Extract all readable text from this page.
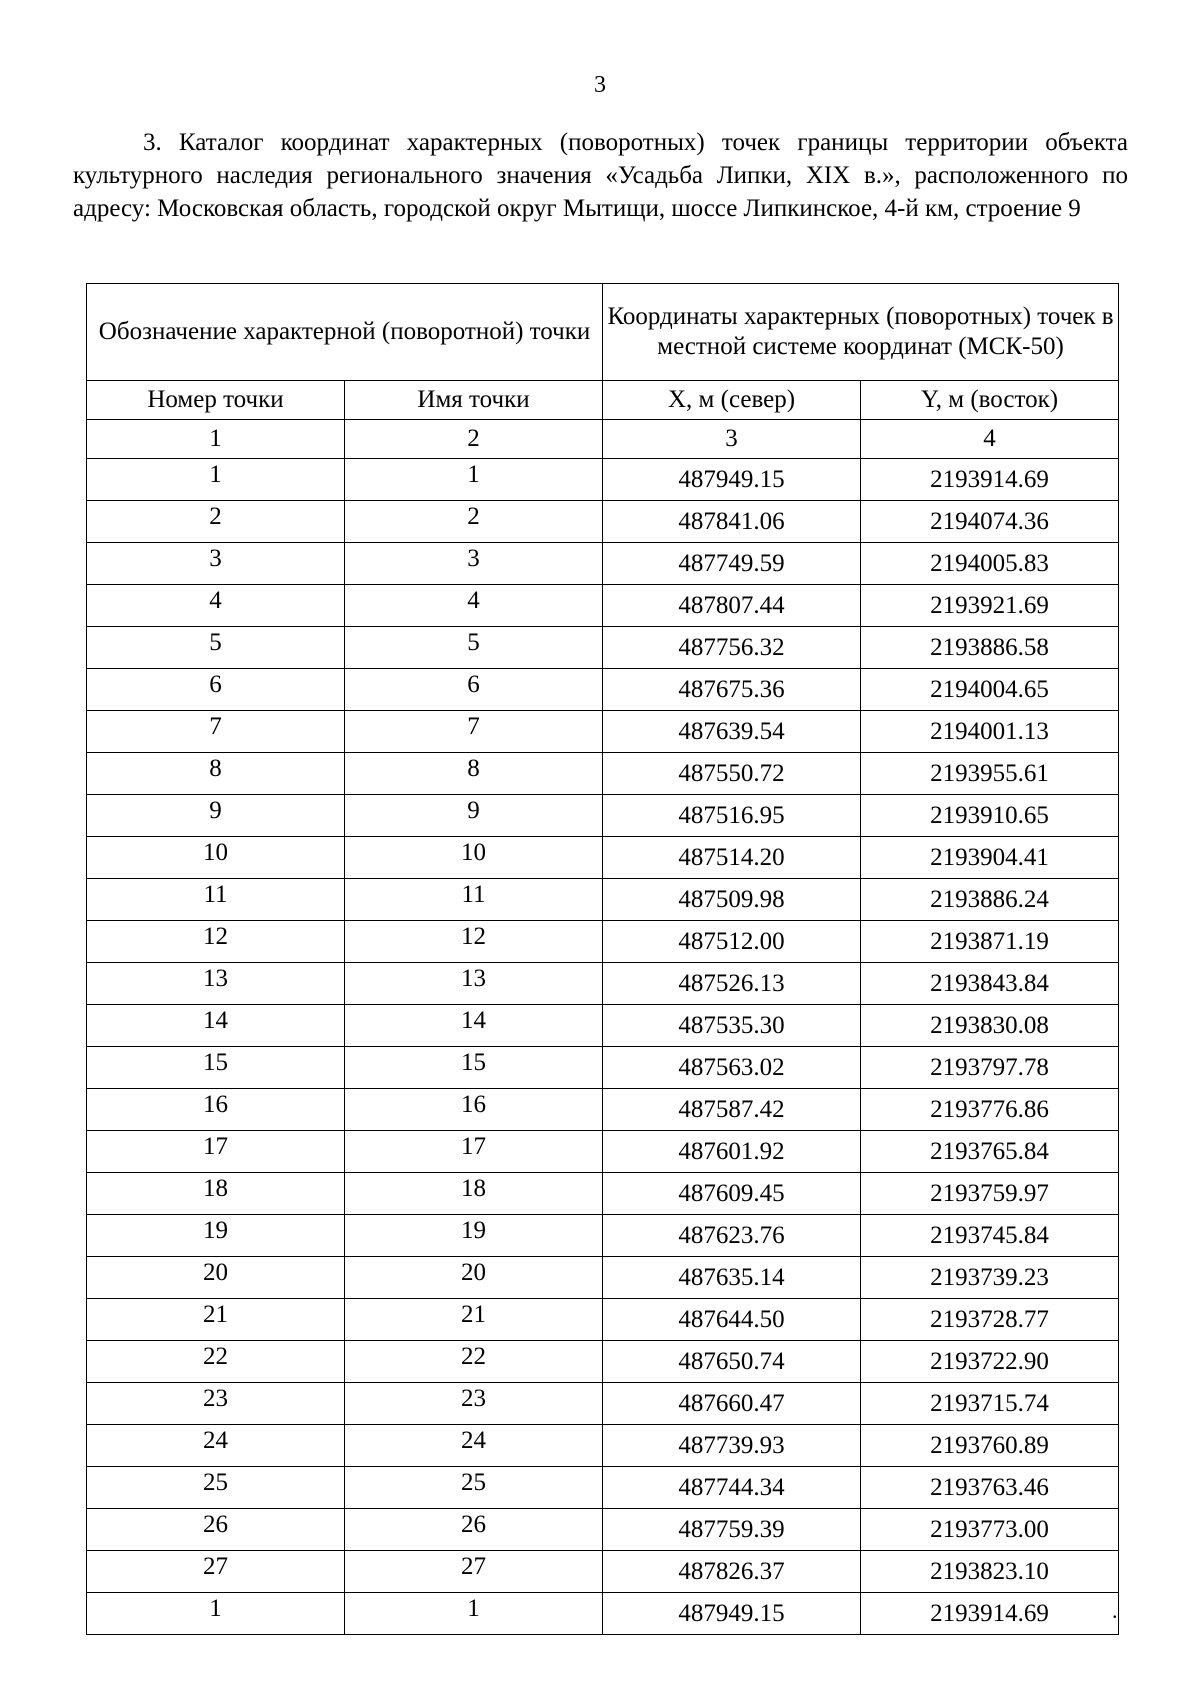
3

3. Каталог координат характерных (поворотных) точек границы территории объекта культурного наследия регионального значения «Усадьба Липки, XIX в.», расположенного по адресу: Московская область, городской округ Мытищи, шоссе Липкинское, 4-й км, строение 9

Обозначение характерной (поворотной) точки		Координаты характерных (поворотных) точек в местной системе координат (МСК-50)	
Номер точки	Имя точки	X, м (север)	Y, м (восток)
1	2	3	4
1	1	487949.15	2193914.69
2	2	487841.06	2194074.36
3	3	487749.59	2194005.83
4	4	487807.44	2193921.69
5	5	487756.32	2193886.58
6	6	487675.36	2194004.65
7	7	487639.54	2194001.13
8	8	487550.72	2193955.61
9	9	487516.95	2193910.65
10	10	487514.20	2193904.41
11	11	487509.98	2193886.24
12	12	487512.00	2193871.19
13	13	487526.13	2193843.84
14	14	487535.30	2193830.08
15	15	487563.02	2193797.78
16	16	487587.42	2193776.86
17	17	487601.92	2193765.84
18	18	487609.45	2193759.97
19	19	487623.76	2193745.84
20	20	487635.14	2193739.23
21	21	487644.50	2193728.77
22	22	487650.74	2193722.90
23	23	487660.47	2193715.74
24	24	487739.93	2193760.89
25	25	487744.34	2193763.46
26	26	487759.39	2193773.00
27	27	487826.37	2193823.10
1	1	487949.15	2193914.69	.
